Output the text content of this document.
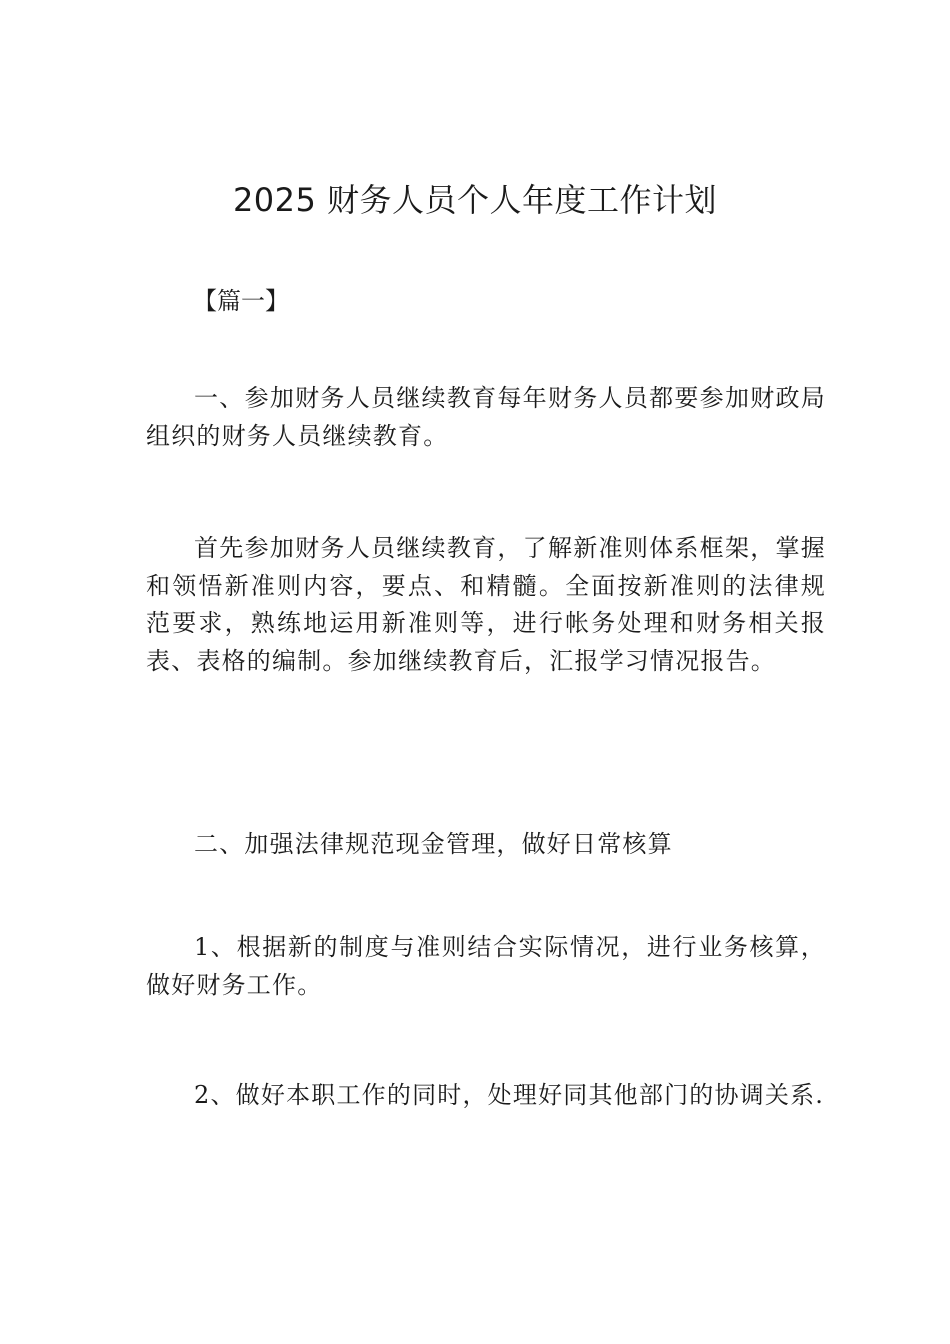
2025 财务人员个人年度工作计划
【篇一】
一、参加财务人员继续教育每年财务人员都要参加财政局组织的财务人员继续教育。
首先参加财务人员继续教育，了解新准则体系框架，掌握和领悟新准则内容，要点、和精髓。全面按新准则的法律规范要求，熟练地运用新准则等，进行帐务处理和财务相关报表、表格的编制。参加继续教育后，汇报学习情况报告。
二、加强法律规范现金管理，做好日常核算
1、根据新的制度与准则结合实际情况，进行业务核算，做好财务工作。
2、做好本职工作的同时，处理好同其他部门的协调关系.
